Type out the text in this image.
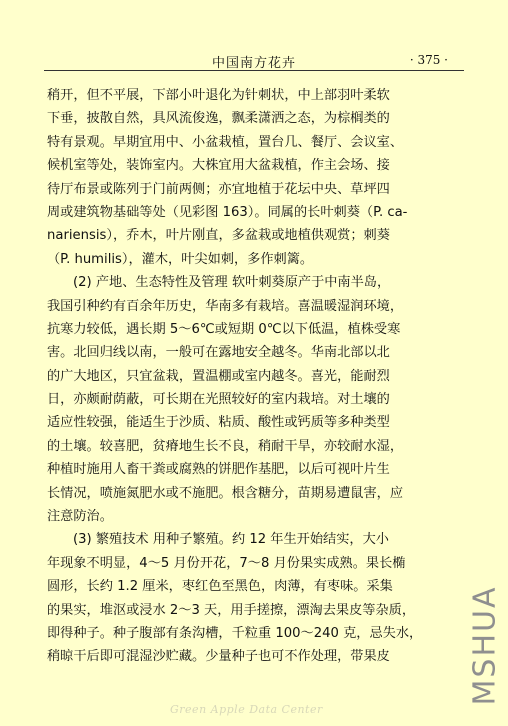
中国南方花卉	· 375 ·
稍开，但不平展，下部小叶退化为针刺状，中上部羽叶柔软
下垂，披散自然，具风流俊逸，飘柔潇洒之态，为棕榈类的
特有景观。早期宜用中、小盆栽植，置台几、餐厅、会议室、
候机室等处，装饰室内。大株宜用大盆栽植，作主会场、接
待厅布景或陈列于门前两侧；亦宜地植于花坛中央、草坪四
周或建筑物基础等处（见彩图 163）。同属的长叶刺葵（P. ca-
nariensis），乔木，叶片刚直，多盆栽或地植供观赏；刺葵
（P. humilis），灌木，叶尖如刺，多作刺篱。
(2) 产地、生态特性及管理 软叶刺葵原产于中南半岛，
我国引种约有百余年历史，华南多有栽培。喜温暖湿润环境，
抗寒力较低，遇长期 5～6℃或短期 0℃以下低温，植株受寒
害。北回归线以南，一般可在露地安全越冬。华南北部以北
的广大地区，只宜盆栽，置温棚或室内越冬。喜光，能耐烈
日，亦颇耐荫蔽，可长期在光照较好的室内栽培。对土壤的
适应性较强，能适生于沙质、粘质、酸性或钙质等多种类型
的土壤。较喜肥，贫瘠地生长不良，稍耐干旱，亦较耐水湿，
种植时施用人畜干粪或腐熟的饼肥作基肥，以后可视叶片生
长情况，喷施氮肥水或不施肥。根含糖分，苗期易遭鼠害，应
注意防治。
(3) 繁殖技术 用种子繁殖。约 12 年生开始结实，大小
年现象不明显，4～5 月份开花，7～8 月份果实成熟。果长椭
圆形，长约 1.2 厘米，枣红色至黑色，肉薄，有枣味。采集
的果实，堆沤或浸水 2～3 天，用手搓擦，漂淘去果皮等杂质，
即得种子。种子腹部有条沟槽，千粒重 100～240 克，忌失水，
稍晾干后即可混湿沙贮藏。少量种子也可不作处理，带果皮	MSHUA
Green Apple Data Center
